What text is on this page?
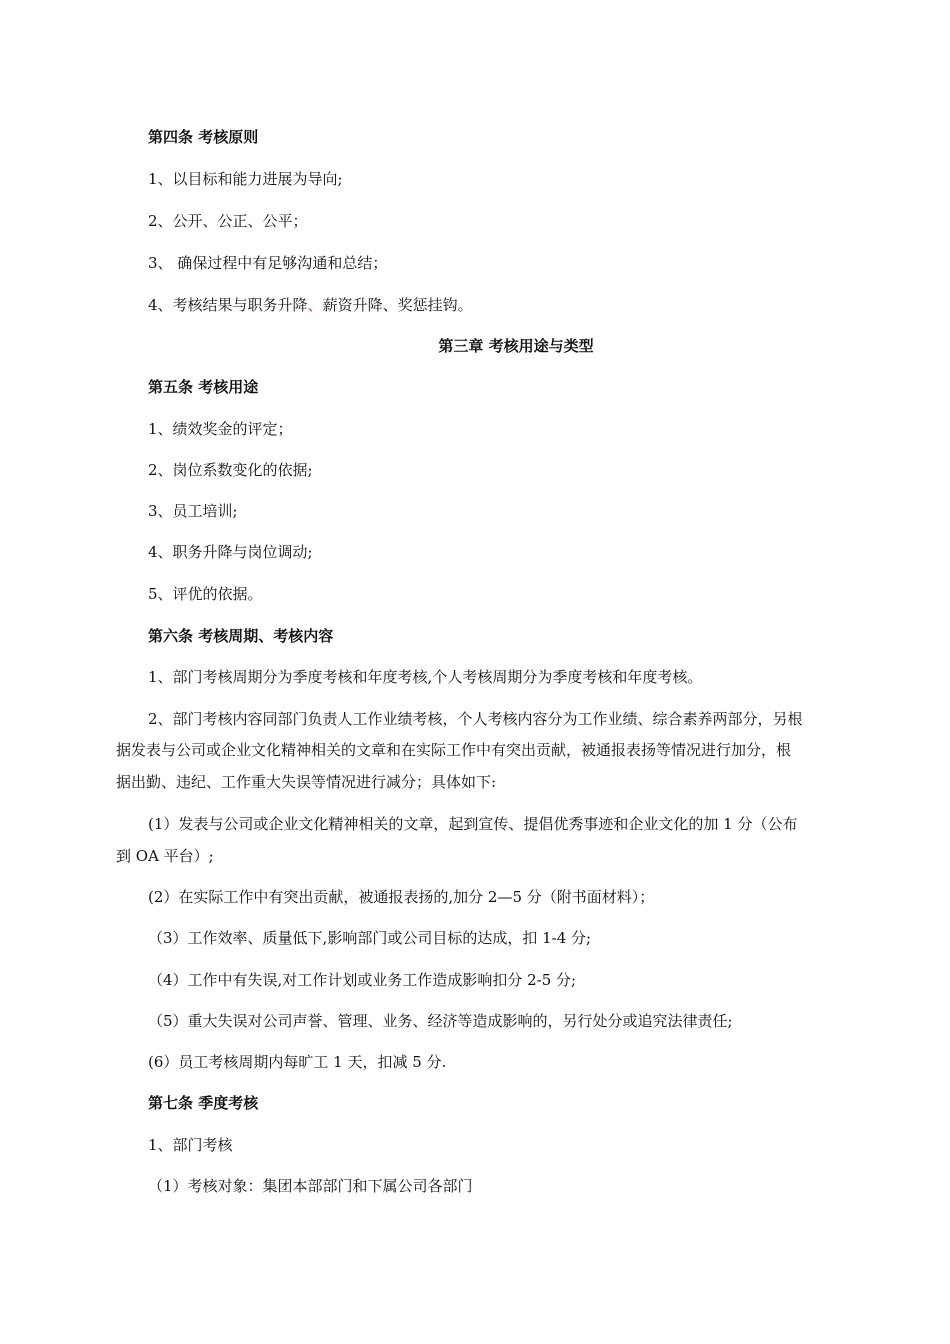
第四条 考核原则
1、以目标和能力进展为导向;
2、公开、公正、公平；
3、 确保过程中有足够沟通和总结；
4、考核结果与职务升降、薪资升降、奖惩挂钩。
第三章 考核用途与类型
第五条 考核用途
1、绩效奖金的评定；
2、岗位系数变化的依据;
3、员工培训;
4、职务升降与岗位调动;
5、评优的依据。
第六条 考核周期、考核内容
1、部门考核周期分为季度考核和年度考核,个人考核周期分为季度考核和年度考核。
2、部门考核内容同部门负责人工作业绩考核，个人考核内容分为工作业绩、综合素养两部分，另根
据发表与公司或企业文化精神相关的文章和在实际工作中有突出贡献，被通报表扬等情况进行加分，根
据出勤、违纪、工作重大失误等情况进行减分；具体如下:
(1）发表与公司或企业文化精神相关的文章，起到宣传、提倡优秀事迹和企业文化的加 1 分（公布
到 OA 平台）;
(2）在实际工作中有突出贡献，被通报表扬的,加分 2—5 分（附书面材料）；
（3）工作效率、质量低下,影响部门或公司目标的达成，扣 1-4 分;
（4）工作中有失误,对工作计划或业务工作造成影响扣分 2-5 分;
（5）重大失误对公司声誉、管理、业务、经济等造成影响的，另行处分或追究法律责任;
(6）员工考核周期内每旷工 1 天，扣减 5 分.
第七条 季度考核
1、部门考核
（1）考核对象：集团本部部门和下属公司各部门
